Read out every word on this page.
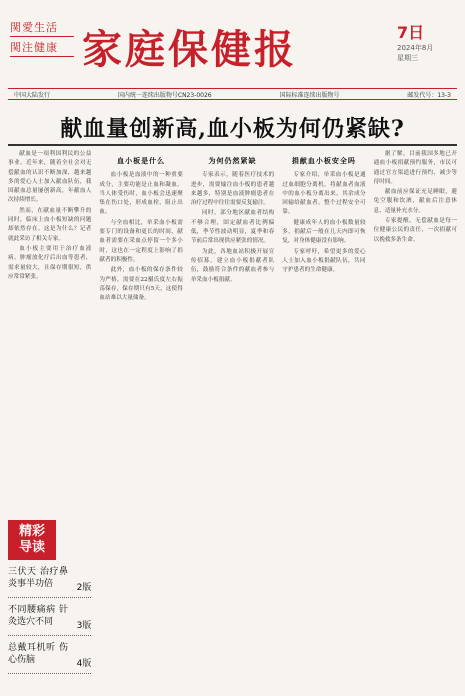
関愛生活
関注健康 家庭保健报	7日
2024年8月
星期三
中国大陆发行	国内统一连续出版物号CN23-0026	国际标准连续出版物号	邮发代号：13-3
献血量创新高,血小板为何仍紧缺?

献血是一项利国利民的公益事业。近年来，随着全社会对无偿献血的认识不断加深，越来越多的爱心人士加入献血队伍，我国献血总量屡创新高，年献血人次持续增长。

然而，在献血量不断攀升的同时，临床上血小板短缺的问题却依然存在。这是为什么？记者就此采访了相关专家。

血小板主要用于治疗血液病、肿瘤放化疗后出血等患者，需求量较大，且保存期很短，供应常常紧张。

精彩
导读
三伏天 治疗鼻炎事半功倍	2版
不同腰痛病 针灸选穴不同	3版
总戴耳机听 伤心伤脑	4版
血小板是什么

血小板是血液中的一种重要成分，主要功能是止血和凝血。当人体受伤时，血小板会迅速聚集在伤口处，形成血栓，阻止出血。

与全血相比，单采血小板需要专门的设备和更长的时间，献血者需要在采血点停留一个多小时，这也在一定程度上影响了捐献者的积极性。

此外，血小板的保存条件较为严格，需要在22摄氏度左右振荡保存，保存期只有5天，这使得血站难以大量储备。

为何仍然紧缺

专家表示，随着医疗技术的进步，需要输注血小板的患者越来越多，特别是血液肿瘤患者在治疗过程中往往需要反复输注。

同时，部分地区献血者结构不够合理，固定献血者比例偏低，季节性波动明显，夏季和春节前后常出现供应紧张的情况。

为此，各地血站积极开展宣传招募，建立血小板捐献者队伍，鼓励符合条件的献血者参与单采血小板捐献。

捐献血小板安全吗

专家介绍，单采血小板是通过血细胞分离机，将献血者血液中的血小板分离出来，其余成分回输给献血者，整个过程安全可靠。

健康成年人的血小板数量较多，捐献后一般在几天内即可恢复，对身体健康没有影响。

专家呼吁，希望更多的爱心人士加入血小板捐献队伍，共同守护患者的生命健康。

据了解，目前我国多地已开通血小板捐献预约服务，市民可通过官方渠道进行预约，减少等待时间。

献血前应保证充足睡眠，避免空腹和饮酒，献血后注意休息，适量补充水分。

专家提醒，无偿献血是每一位健康公民的责任，一次捐献可以挽救多条生命。
